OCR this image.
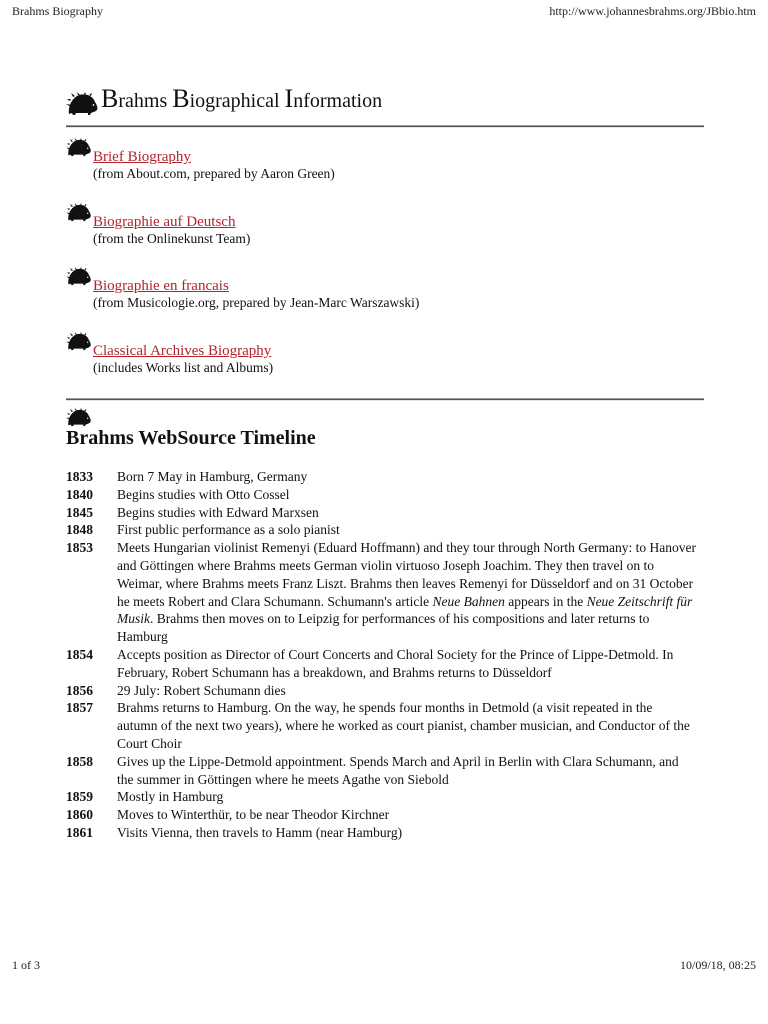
Brahms Biography	http://www.johannesbrahms.org/JBbio.htm
Brahms Biographical Information
Brief Biography
(from About.com, prepared by Aaron Green)
Biographie auf Deutsch
(from the Onlinekunst Team)
Biographie en francais
(from Musicologie.org, prepared by Jean-Marc Warszawski)
Classical Archives Biography
(includes Works list and Albums)
Brahms WebSource Timeline
1833	Born 7 May in Hamburg, Germany
1840	Begins studies with Otto Cossel
1845	Begins studies with Edward Marxsen
1848	First public performance as a solo pianist
1853	Meets Hungarian violinist Remenyi (Eduard Hoffmann) and they tour through North Germany: to Hanover and Göttingen where Brahms meets German violin virtuoso Joseph Joachim. They then travel on to Weimar, where Brahms meets Franz Liszt. Brahms then leaves Remenyi for Düsseldorf and on 31 October he meets Robert and Clara Schumann. Schumann's article Neue Bahnen appears in the Neue Zeitschrift für Musik. Brahms then moves on to Leipzig for performances of his compositions and later returns to Hamburg
1854	Accepts position as Director of Court Concerts and Choral Society for the Prince of Lippe-Detmold. In February, Robert Schumann has a breakdown, and Brahms returns to Düsseldorf
1856	29 July: Robert Schumann dies
1857	Brahms returns to Hamburg. On the way, he spends four months in Detmold (a visit repeated in the autumn of the next two years), where he worked as court pianist, chamber musician, and Conductor of the Court Choir
1858	Gives up the Lippe-Detmold appointment. Spends March and April in Berlin with Clara Schumann, and the summer in Göttingen where he meets Agathe von Siebold
1859	Mostly in Hamburg
1860	Moves to Winterthür, to be near Theodor Kirchner
1861	Visits Vienna, then travels to Hamm (near Hamburg)
1 of 3	10/09/18, 08:25
